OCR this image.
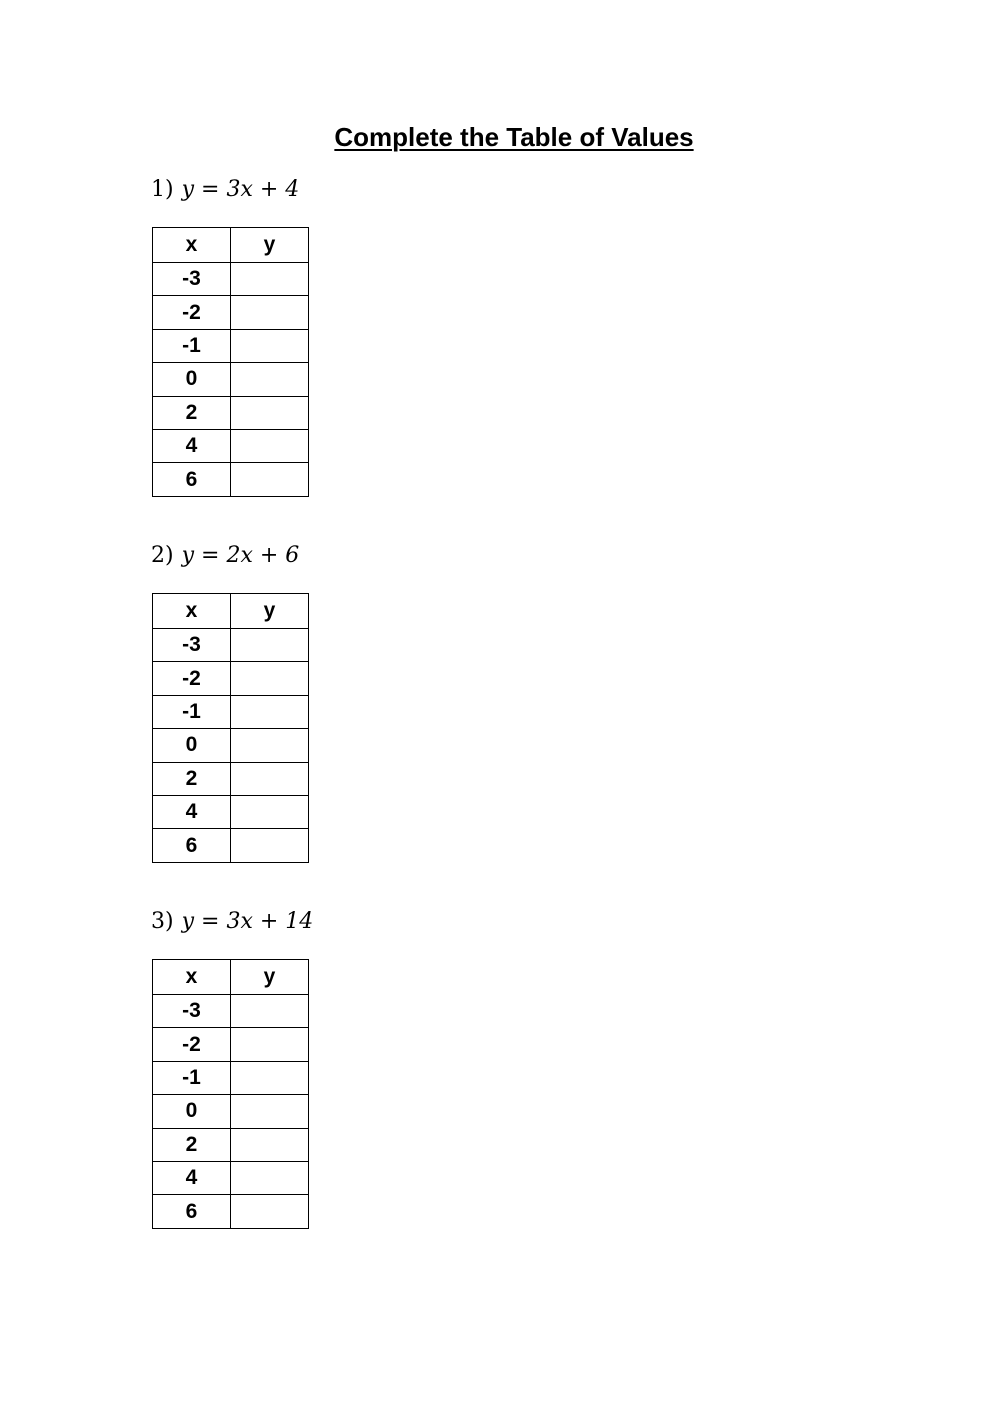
Complete the Table of Values
1) y = 3x + 4
x	y
-3	
-2	
-1	
0	
2	
4	
6	
2) y = 2x + 6
x	y
-3	
-2	
-1	
0	
2	
4	
6	
3) y = 3x + 14
x	y
-3	
-2	
-1	
0	
2	
4	
6	
